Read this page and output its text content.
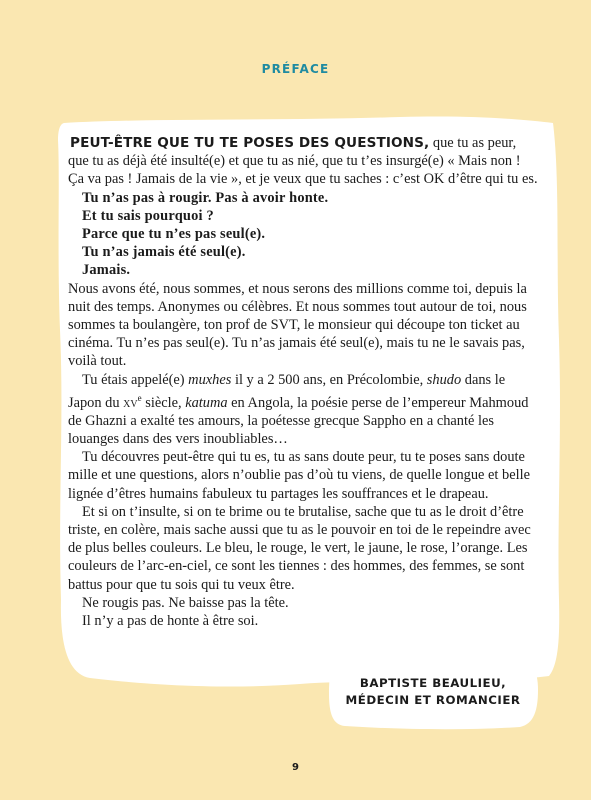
PRÉFACE

PEUT-ÊTRE QUE TU TE POSES DES QUESTIONS, que tu as peur, que tu as déjà été insulté(e) et que tu as nié, que tu t’es insurgé(e) « Mais non ! Ça va pas ! Jamais de la vie », et je veux que tu saches : c’est OK d’être qui tu es.

Tu n’as pas à rougir. Pas à avoir honte.

Et tu sais pourquoi ?

Parce que tu n’es pas seul(e).

Tu n’as jamais été seul(e).

Jamais.

Nous avons été, nous sommes, et nous serons des millions comme toi, depuis la nuit des temps. Anonymes ou célèbres. Et nous sommes tout autour de toi, nous sommes ta boulangère, ton prof de SVT, le monsieur qui découpe ton ticket au cinéma. Tu n’es pas seul(e). Tu n’as jamais été seul(e), mais tu ne le savais pas, voilà tout.

Tu étais appelé(e) muxhes il y a 2 500 ans, en Précolombie, shudo dans le Japon du $xv^e$ siècle, katuma en Angola, la poésie perse de l’empereur Mahmoud de Ghazni a exalté tes amours, la poétesse grecque Sappho en a chanté les louanges dans des vers inoubliables…

Tu découvres peut-être qui tu es, tu as sans doute peur, tu te poses sans doute mille et une questions, alors n’oublie pas d’où tu viens, de quelle longue et belle lignée d’êtres humains fabuleux tu partages les souffrances et le drapeau.

Et si on t’insulte, si on te brime ou te brutalise, sache que tu as le droit d’être triste, en colère, mais sache aussi que tu as le pouvoir en toi de le repeindre avec de plus belles couleurs. Le bleu, le rouge, le vert, le jaune, le rose, l’orange. Les couleurs de l’arc-en-ciel, ce sont les tiennes : des hommes, des femmes, se sont battus pour que tu sois qui tu veux être.

Ne rougis pas. Ne baisse pas la tête.

Il n’y a pas de honte à être soi.

BAPTISTE BEAULIEU,
MÉDECIN ET ROMANCIER
9
